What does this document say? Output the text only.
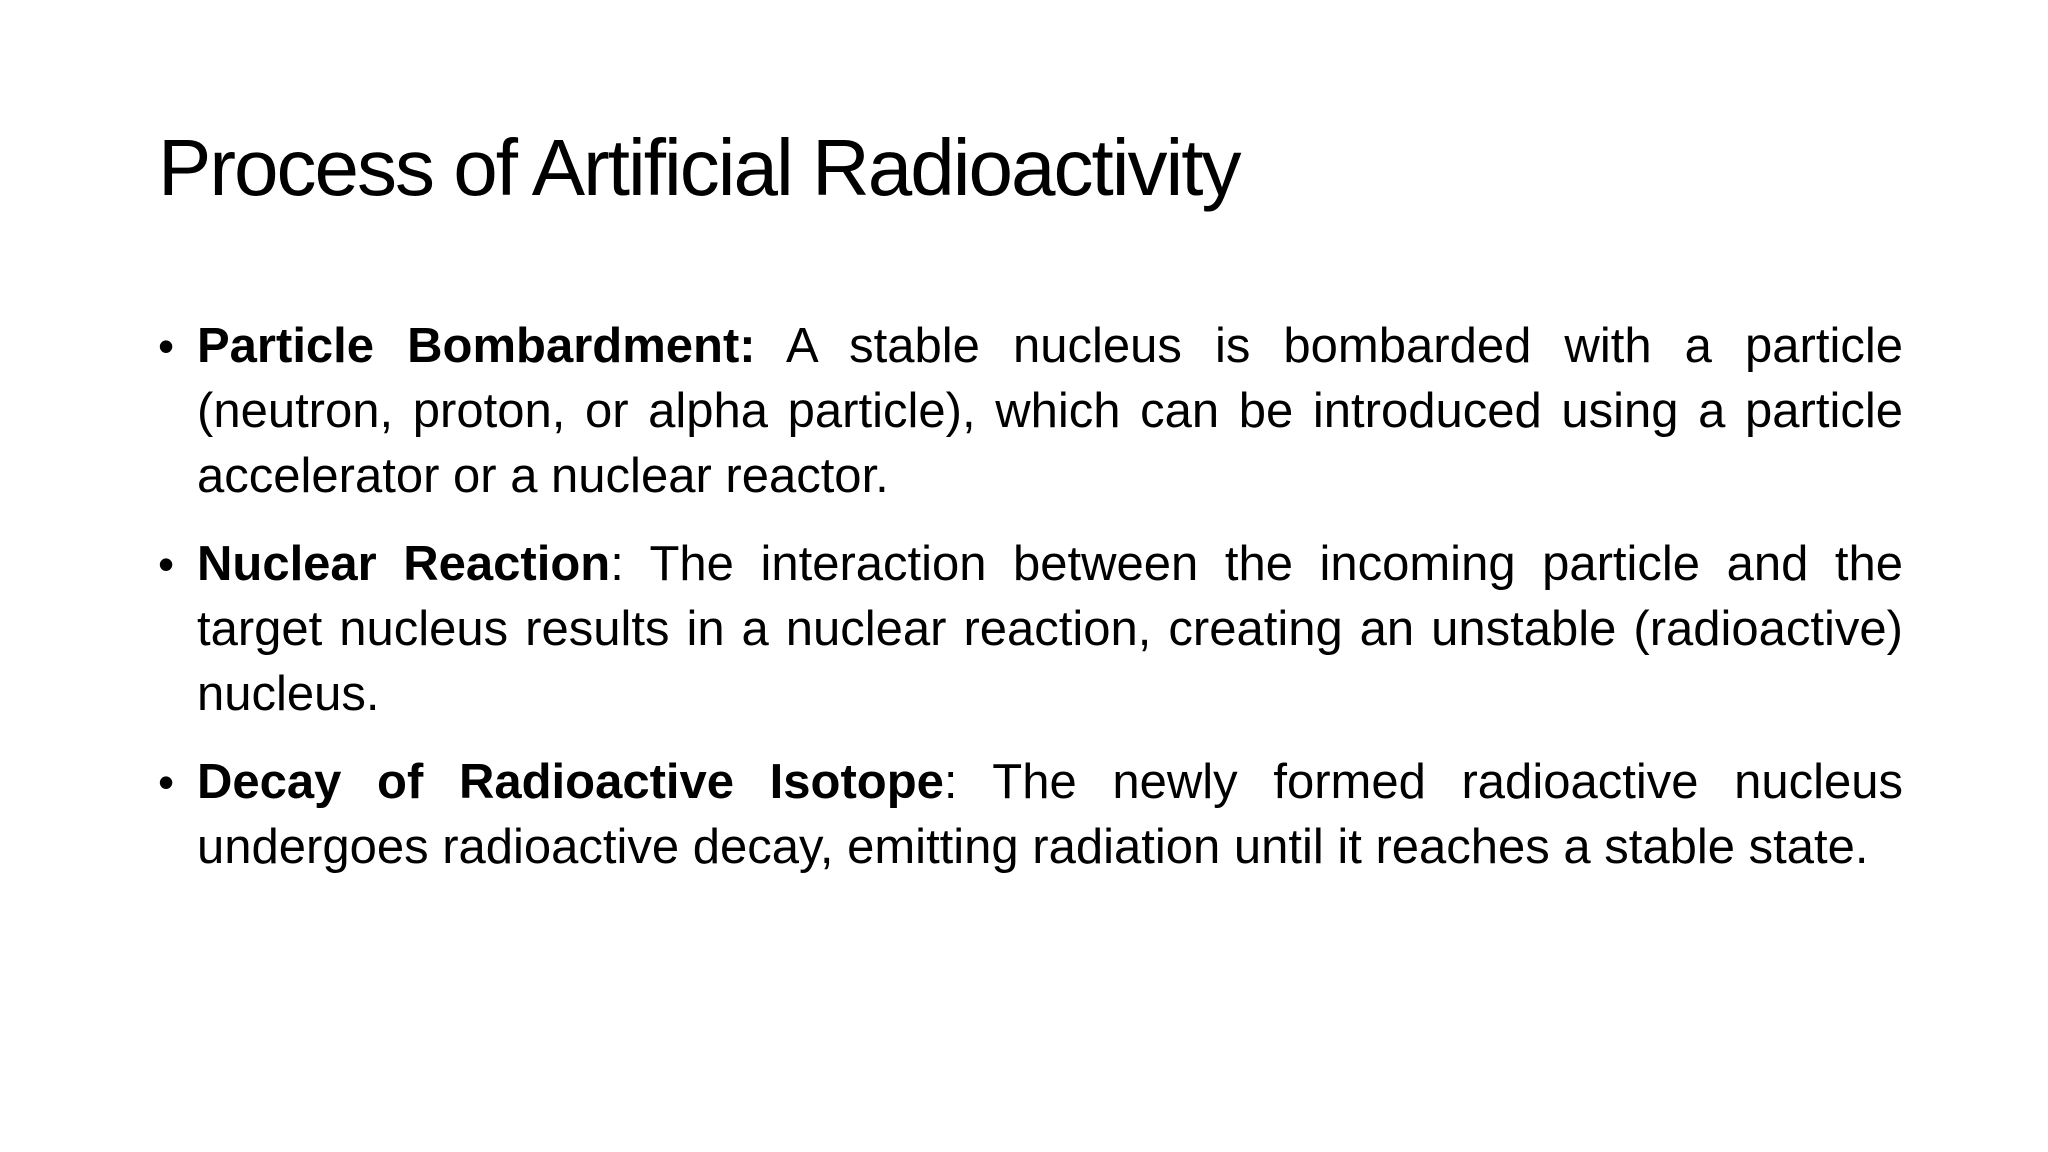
Process of Artificial Radioactivity
• Particle Bombardment: A stable nucleus is bombarded with a particle (neutron, proton, or alpha particle), which can be introduced using a particle accelerator or a nuclear reactor.
• Nuclear Reaction: The interaction between the incoming particle and the target nucleus results in a nuclear reaction, creating an unstable (radioactive) nucleus.
• Decay of Radioactive Isotope: The newly formed radioactive nucleus undergoes radioactive decay, emitting radiation until it reaches a stable state.
